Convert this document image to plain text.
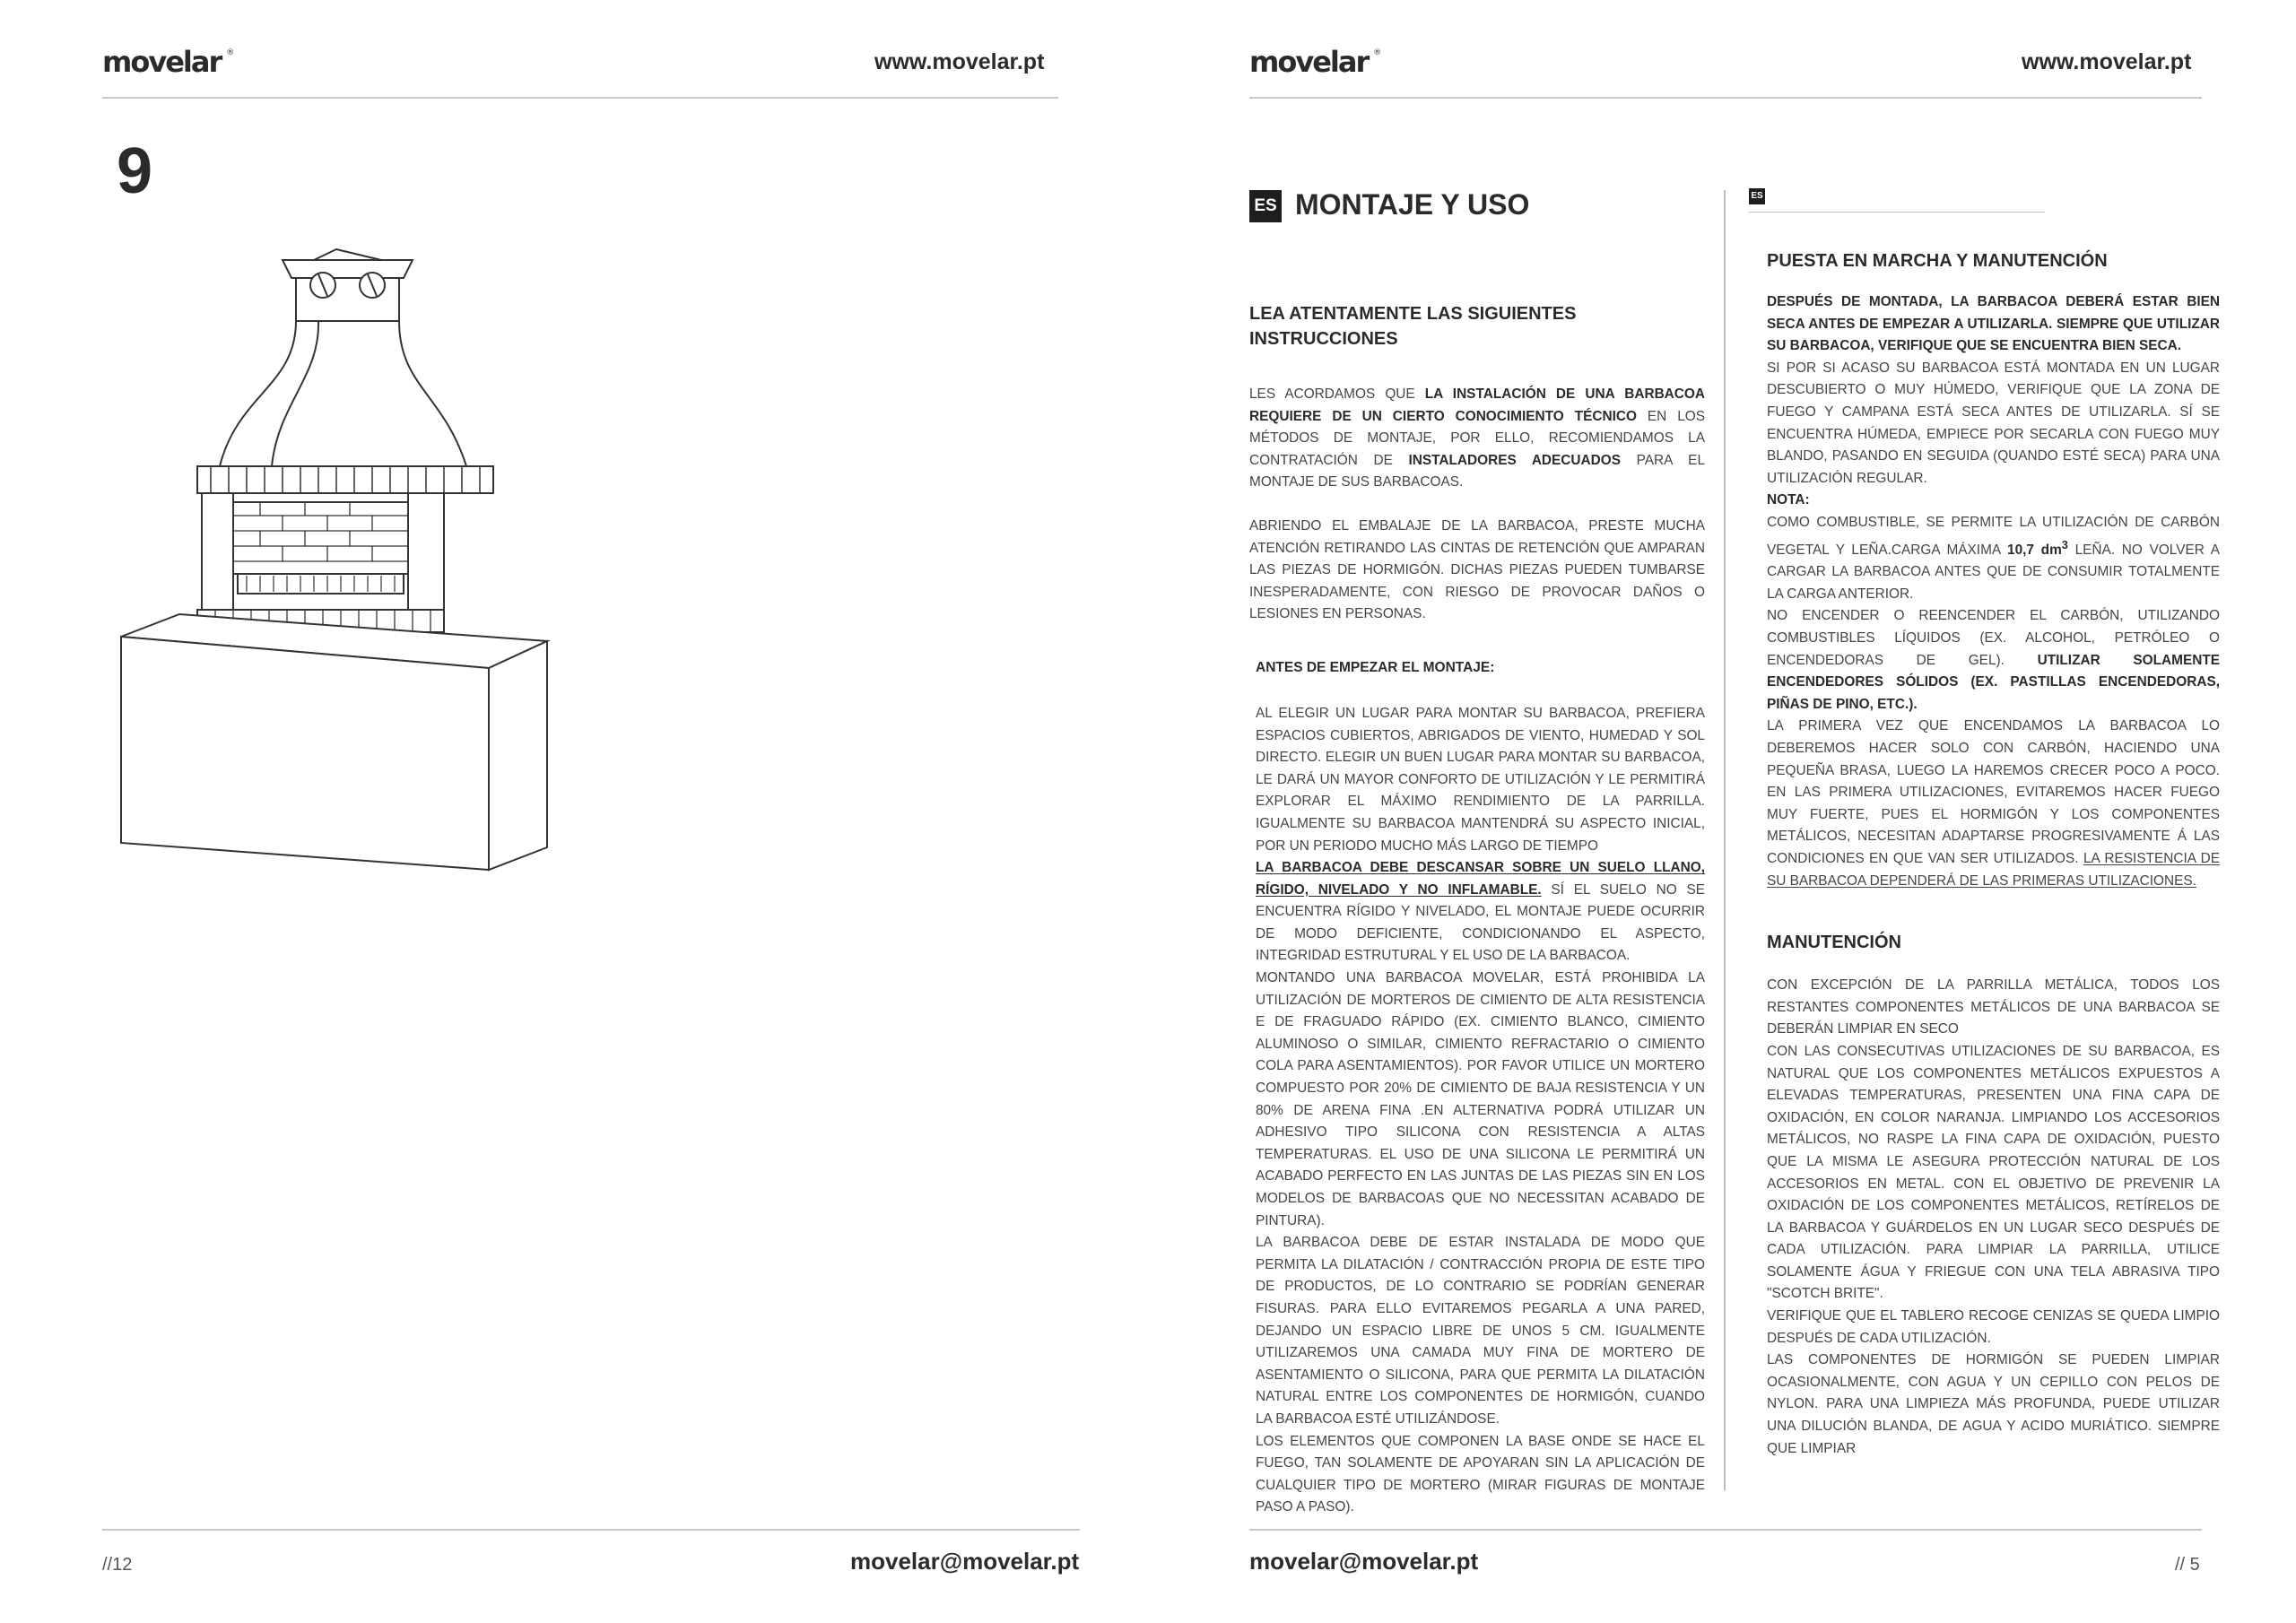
movelar ®	www.movelar.pt
9
//12	movelar@movelar.pt
movelar ®	www.movelar.pt
ES MONTAJE Y USO	ES
LEA ATENTAMENTE LAS SIGUIENTES INSTRUCCIONES

LES ACORDAMOS QUE LA INSTALACIÓN DE UNA BARBACOA REQUIERE DE UN CIERTO CONOCIMIENTO TÉCNICO EN LOS MÉTODOS DE MONTAJE, POR ELLO, RECOMIENDAMOS LA CONTRATACIÓN DE INSTALADORES ADECUADOS PARA EL MONTAJE DE SUS BARBACOAS.

ABRIENDO EL EMBALAJE DE LA BARBACOA, PRESTE MUCHA ATENCIÓN RETIRANDO LAS CINTAS DE RETENCIÓN QUE AMPARAN LAS PIEZAS DE HORMIGÓN. DICHAS PIEZAS PUEDEN TUMBARSE INESPERADAMENTE, CON RIESGO DE PROVOCAR DAÑOS O LESIONES EN PERSONAS.

ANTES DE EMPEZAR EL MONTAJE:

AL ELEGIR UN LUGAR PARA MONTAR SU BARBACOA, PREFIERA ESPACIOS CUBIERTOS, ABRIGADOS DE VIENTO, HUMEDAD Y SOL DIRECTO. ELEGIR UN BUEN LUGAR PARA MONTAR SU BARBACOA, LE DARÁ UN MAYOR CONFORTO DE UTILIZACIÓN Y LE PERMITIRÁ EXPLORAR EL MÁXIMO RENDIMIENTO DE LA PARRILLA. IGUALMENTE SU BARBACOA MANTENDRÁ SU ASPECTO INICIAL, POR UN PERIODO MUCHO MÁS LARGO DE TIEMPO

LA BARBACOA DEBE DESCANSAR SOBRE UN SUELO LLANO, RÍGIDO, NIVELADO Y NO INFLAMABLE. SÍ EL SUELO NO SE ENCUENTRA RÍGIDO Y NIVELADO, EL MONTAJE PUEDE OCURRIR DE MODO DEFICIENTE, CONDICIONANDO EL ASPECTO, INTEGRIDAD ESTRUTURAL Y EL USO DE LA BARBACOA.

MONTANDO UNA BARBACOA MOVELAR, ESTÁ PROHIBIDA LA UTILIZACIÓN DE MORTEROS DE CIMIENTO DE ALTA RESISTENCIA E DE FRAGUADO RÁPIDO (EX. CIMIENTO BLANCO, CIMIENTO ALUMINOSO O SIMILAR, CIMIENTO REFRACTARIO O CIMIENTO COLA PARA ASENTAMIENTOS). POR FAVOR UTILICE UN MORTERO COMPUESTO POR 20% DE CIMIENTO DE BAJA RESISTENCIA Y UN 80% DE ARENA FINA .EN ALTERNATIVA PODRÁ UTILIZAR UN ADHESIVO TIPO SILICONA CON RESISTENCIA A ALTAS TEMPERATURAS. EL USO DE UNA SILICONA LE PERMITIRÁ UN ACABADO PERFECTO EN LAS JUNTAS DE LAS PIEZAS SIN EN LOS MODELOS DE BARBACOAS QUE NO NECESSITAN ACABADO DE PINTURA).

LA BARBACOA DEBE DE ESTAR INSTALADA DE MODO QUE PERMITA LA DILATACIÓN / CONTRACCIÓN PROPIA DE ESTE TIPO DE PRODUCTOS, DE LO CONTRARIO SE PODRÍAN GENERAR FISURAS. PARA ELLO EVITAREMOS PEGARLA A UNA PARED, DEJANDO UN ESPACIO LIBRE DE UNOS 5 CM. IGUALMENTE UTILIZAREMOS UNA CAMADA MUY FINA DE MORTERO DE ASENTAMIENTO O SILICONA, PARA QUE PERMITA LA DILATACIÓN NATURAL ENTRE LOS COMPONENTES DE HORMIGÓN, CUANDO LA BARBACOA ESTÉ UTILIZÁNDOSE.

LOS ELEMENTOS QUE COMPONEN LA BASE ONDE SE HACE EL FUEGO, TAN SOLAMENTE DE APOYARAN SIN LA APLICACIÓN DE CUALQUIER TIPO DE MORTERO (MIRAR FIGURAS DE MONTAJE PASO A PASO).

PUESTA EN MARCHA Y MANUTENCIÓN

DESPUÉS DE MONTADA, LA BARBACOA DEBERÁ ESTAR BIEN SECA ANTES DE EMPEZAR A UTILIZARLA. SIEMPRE QUE UTILIZAR SU BARBACOA, VERIFIQUE QUE SE ENCUENTRA BIEN SECA.

SI POR SI ACASO SU BARBACOA ESTÁ MONTADA EN UN LUGAR DESCUBIERTO O MUY HÚMEDO, VERIFIQUE QUE LA ZONA DE FUEGO Y CAMPANA ESTÁ SECA ANTES DE UTILIZARLA. SÍ SE ENCUENTRA HÚMEDA, EMPIECE POR SECARLA CON FUEGO MUY BLANDO, PASANDO EN SEGUIDA (QUANDO ESTÉ SECA) PARA UNA UTILIZACIÓN REGULAR.

NOTA:

COMO COMBUSTIBLE, SE PERMITE LA UTILIZACIÓN DE CARBÓN VEGETAL Y LEÑA.CARGA MÁXIMA 10,7 $dm^3$ LEÑA. NO VOLVER A CARGAR LA BARBACOA ANTES QUE DE CONSUMIR TOTALMENTE LA CARGA ANTERIOR.

NO ENCENDER O REENCENDER EL CARBÓN, UTILIZANDO COMBUSTIBLES LÍQUIDOS (EX. ALCOHOL, PETRÓLEO O ENCENDEDORAS DE GEL). UTILIZAR SOLAMENTE ENCENDEDORES SÓLIDOS (EX. PASTILLAS ENCENDEDORAS, PIÑAS DE PINO, ETC.).

LA PRIMERA VEZ QUE ENCENDAMOS LA BARBACOA LO DEBEREMOS HACER SOLO CON CARBÓN, HACIENDO UNA PEQUEÑA BRASA, LUEGO LA HAREMOS CRECER POCO A POCO. EN LAS PRIMERA UTILIZACIONES, EVITAREMOS HACER FUEGO MUY FUERTE, PUES EL HORMIGÓN Y LOS COMPONENTES METÁLICOS, NECESITAN ADAPTARSE PROGRESIVAMENTE Á LAS CONDICIONES EN QUE VAN SER UTILIZADOS. LA RESISTENCIA DE SU BARBACOA DEPENDERÁ DE LAS PRIMERAS UTILIZACIONES.

MANUTENCIÓN

CON EXCEPCIÓN DE LA PARRILLA METÁLICA, TODOS LOS RESTANTES COMPONENTES METÁLICOS DE UNA BARBACOA SE DEBERÁN LIMPIAR EN SECO

CON LAS CONSECUTIVAS UTILIZACIONES DE SU BARBACOA, ES NATURAL QUE LOS COMPONENTES METÁLICOS EXPUESTOS A ELEVADAS TEMPERATURAS, PRESENTEN UNA FINA CAPA DE OXIDACIÓN, EN COLOR NARANJA. LIMPIANDO LOS ACCESORIOS METÁLICOS, NO RASPE LA FINA CAPA DE OXIDACIÓN, PUESTO QUE LA MISMA LE ASEGURA PROTECCIÓN NATURAL DE LOS ACCESORIOS EN METAL. CON EL OBJETIVO DE PREVENIR LA OXIDACIÓN DE LOS COMPONENTES METÁLICOS, RETÍRELOS DE LA BARBACOA Y GUÁRDELOS EN UN LUGAR SECO DESPUÉS DE CADA UTILIZACIÓN. PARA LIMPIAR LA PARRILLA, UTILICE SOLAMENTE ÁGUA Y FRIEGUE CON UNA TELA ABRASIVA TIPO "SCOTCH BRITE".

VERIFIQUE QUE EL TABLERO RECOGE CENIZAS SE QUEDA LIMPIO DESPUÉS DE CADA UTILIZACIÓN.

LAS COMPONENTES DE HORMIGÓN SE PUEDEN LIMPIAR OCASIONALMENTE, CON AGUA Y UN CEPILLO CON PELOS DE NYLON. PARA UNA LIMPIEZA MÁS PROFUNDA, PUEDE UTILIZAR UNA DILUCIÓN BLANDA, DE AGUA Y ACIDO MURIÁTICO. SIEMPRE QUE LIMPIAR

movelar@movelar.pt	// 5
